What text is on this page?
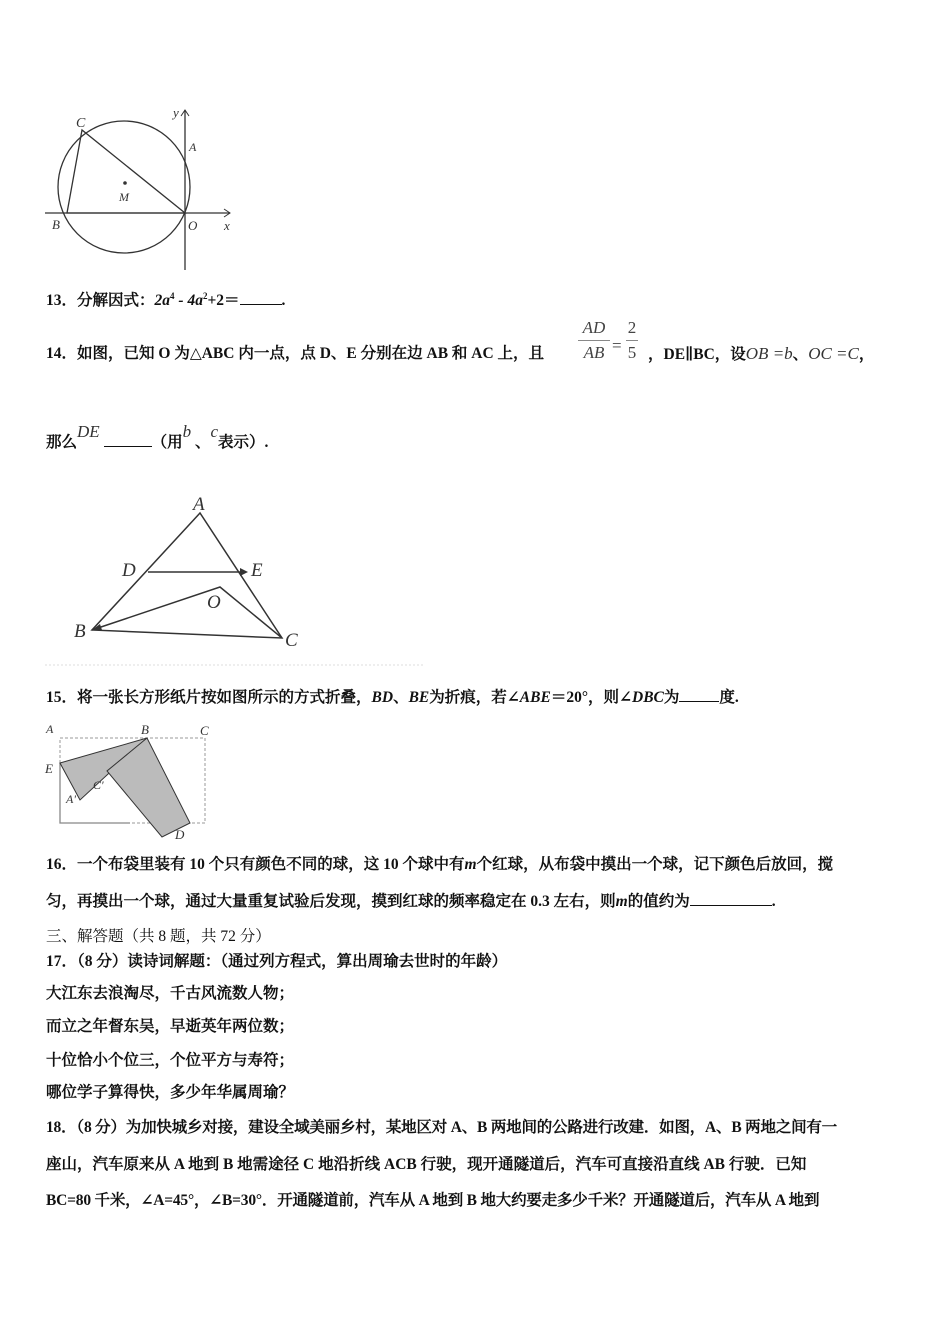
C
A
M
B	O x
y
13．分解因式：$2a^4 - 4a^2+2=$	.
AD
AB =
2
5
14．如图，已知 O 为△ABC 内一点，点 D、E 分别在边 AB 和 AC 上，且	，DE∥BC，设OB =b、OC =C，
那么DE （用b 、c表示）.
A
D	E
O
B	C
15．将一张长方形纸片按如图所示的方式折叠，BD、BE为折痕，若∠ABE＝20°，则∠DBC为	度.
A	B	C
E
A'
C'
D
16．一个布袋里装有 10 个只有颜色不同的球，这 10 个球中有m个红球，从布袋中摸出一个球，记下颜色后放回，搅
匀，再摸出一个球，通过大量重复试验后发现，摸到红球的频率稳定在 0.3 左右，则m的值约为	.
三、解答题（共 8 题，共 72 分）
17．（8 分）读诗词解题：（通过列方程式，算出周瑜去世时的年龄）
大江东去浪淘尽，千古风流数人物；
而立之年督东吴，早逝英年两位数；
十位恰小个位三，个位平方与寿符；
哪位学子算得快，多少年华属周瑜？
18．（8 分）为加快城乡对接，建设全域美丽乡村，某地区对 A、B 两地间的公路进行改建．如图，A、B 两地之间有一
座山，汽车原来从 A 地到 B 地需途径 C 地沿折线 ACB 行驶，现开通隧道后，汽车可直接沿直线 AB 行驶．已知
BC=80 千米，∠A=45°，∠B=30°．开通隧道前，汽车从 A 地到 B 地大约要走多少千米？开通隧道后，汽车从 A 地到
